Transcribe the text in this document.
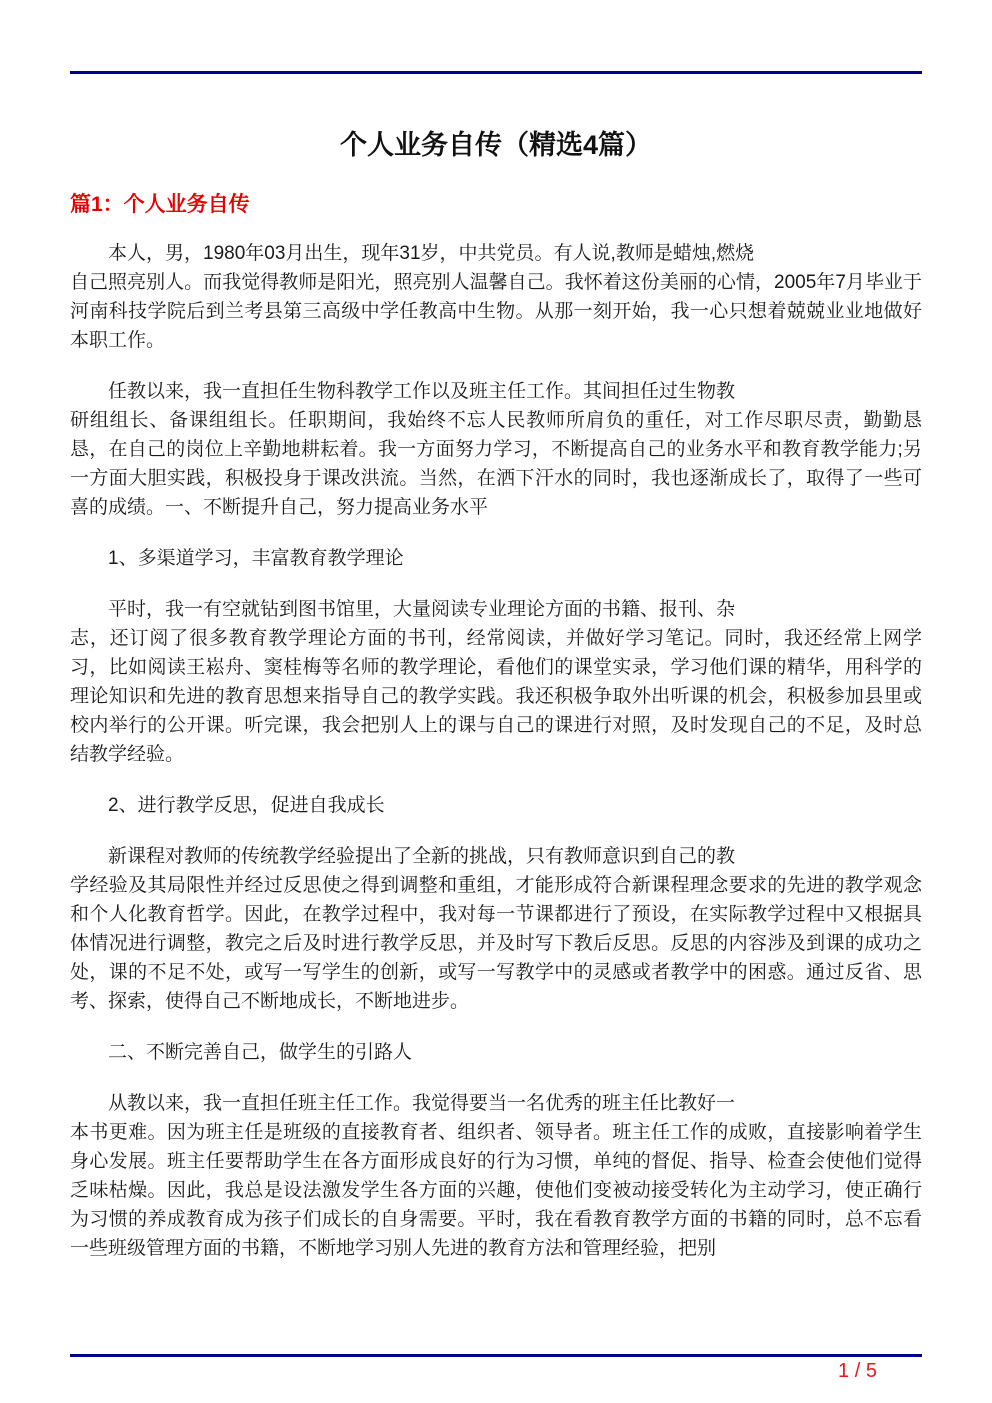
个人业务自传（精选4篇）
篇1：个人业务自传

本人，男，1980年03月出生，现年31岁，中共党员。有人说,教师是蜡烛,燃烧
自己照亮别人。而我觉得教师是阳光，照亮别人温馨自己。我怀着这份美丽的心情，2005年7月毕业于河南科技学院后到兰考县第三高级中学任教高中生物。从那一刻开始，我一心只想着兢兢业业地做好本职工作。

任教以来，我一直担任生物科教学工作以及班主任工作。其间担任过生物教
研组组长、备课组组长。任职期间，我始终不忘人民教师所肩负的重任，对工作尽职尽责，勤勤恳恳，在自己的岗位上辛勤地耕耘着。我一方面努力学习，不断提高自己的业务水平和教育教学能力;另一方面大胆实践，积极投身于课改洪流。当然，在洒下汗水的同时，我也逐渐成长了，取得了一些可喜的成绩。一、不断提升自己，努力提高业务水平

1、多渠道学习，丰富教育教学理论

平时，我一有空就钻到图书馆里，大量阅读专业理论方面的书籍、报刊、杂
志，还订阅了很多教育教学理论方面的书刊，经常阅读，并做好学习笔记。同时，我还经常上网学习，比如阅读王崧舟、窦桂梅等名师的教学理论，看他们的课堂实录，学习他们课的精华，用科学的理论知识和先进的教育思想来指导自己的教学实践。我还积极争取外出听课的机会，积极参加县里或校内举行的公开课。听完课，我会把别人上的课与自己的课进行对照，及时发现自己的不足，及时总结教学经验。

2、进行教学反思，促进自我成长

新课程对教师的传统教学经验提出了全新的挑战，只有教师意识到自己的教
学经验及其局限性并经过反思使之得到调整和重组，才能形成符合新课程理念要求的先进的教学观念和个人化教育哲学。因此，在教学过程中，我对每一节课都进行了预设，在实际教学过程中又根据具体情况进行调整，教完之后及时进行教学反思，并及时写下教后反思。反思的内容涉及到课的成功之处，课的不足不处，或写一写学生的创新，或写一写教学中的灵感或者教学中的困惑。通过反省、思考、探索，使得自己不断地成长，不断地进步。

二、不断完善自己，做学生的引路人

从教以来，我一直担任班主任工作。我觉得要当一名优秀的班主任比教好一
本书更难。因为班主任是班级的直接教育者、组织者、领导者。班主任工作的成败，直接影响着学生身心发展。班主任要帮助学生在各方面形成良好的行为习惯，单纯的督促、指导、检查会使他们觉得乏味枯燥。因此，我总是设法激发学生各方面的兴趣，使他们变被动接受转化为主动学习，使正确行为习惯的养成教育成为孩子们成长的自身需要。平时，我在看教育教学方面的书籍的同时，总不忘看一些班级管理方面的书籍，不断地学习别人先进的教育方法和管理经验，把别

1 / 5
